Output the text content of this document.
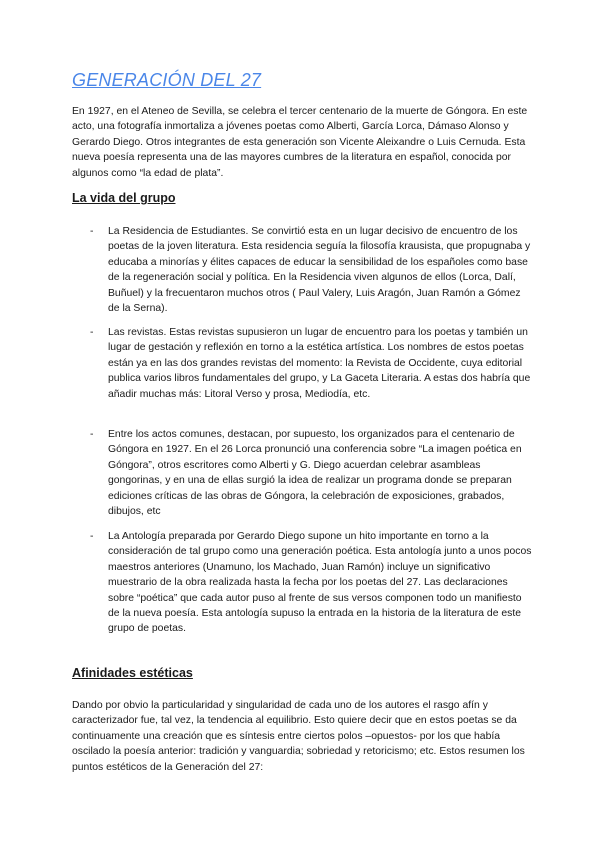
GENERACIÓN DEL 27

En 1927, en el Ateneo de Sevilla, se celebra el tercer centenario de la muerte de Góngora. En este acto, una fotografía inmortaliza a jóvenes poetas como Alberti, García Lorca, Dámaso Alonso y Gerardo Diego. Otros integrantes de esta generación son Vicente Aleixandre o Luis Cernuda. Esta nueva poesía representa una de las mayores cumbres de la literatura en español, conocida por algunos como “la edad de plata”.

La vida del grupo
- La Residencia de Estudiantes. Se convirtió esta en un lugar decisivo de encuentro de los poetas de la joven literatura. Esta residencia seguía la filosofía krausista, que propugnaba y educaba a minorías y élites capaces de educar la sensibilidad de los españoles como base de la regeneración social y política. En la Residencia viven algunos de ellos (Lorca, Dalí, Buñuel) y la frecuentaron muchos otros ( Paul Valery, Luis Aragón, Juan Ramón a Gómez de la Serna).

- Las revistas. Estas revistas supusieron un lugar de encuentro para los poetas y también un lugar de gestación y reflexión en torno a la estética artística. Los nombres de estos poetas están ya en las dos grandes revistas del momento: la Revista de Occidente, cuya editorial publica varios libros fundamentales del grupo, y La Gaceta Literaria. A estas dos habría que añadir muchas más: Litoral Verso y prosa, Mediodía, etc.

- Entre los actos comunes, destacan, por supuesto, los organizados para el centenario de Góngora en 1927. En el 26 Lorca pronunció una conferencia sobre “La imagen poética en Góngora”, otros escritores como Alberti y G. Diego acuerdan celebrar asambleas gongorinas, y en una de ellas surgió la idea de realizar un programa donde se preparan ediciones críticas de las obras de Góngora, la celebración de exposiciones, grabados, dibujos, etc

- La Antología preparada por Gerardo Diego supone un hito importante en torno a la consideración de tal grupo como una generación poética. Esta antología junto a unos pocos maestros anteriores (Unamuno, los Machado, Juan Ramón) incluye un significativo muestrario de la obra realizada hasta la fecha por los poetas del 27. Las declaraciones sobre “poética” que cada autor puso al frente de sus versos componen todo un manifiesto de la nueva poesía. Esta antología supuso la entrada en la historia de la literatura de este grupo de poetas.

Afinidades estéticas

Dando por obvio la particularidad y singularidad de cada uno de los autores el rasgo afín y caracterizador fue, tal vez, la tendencia al equilibrio. Esto quiere decir que en estos poetas se da continuamente una creación que es síntesis entre ciertos polos –opuestos- por los que había oscilado la poesía anterior: tradición y vanguardia; sobriedad y retoricismo; etc. Estos resumen los puntos estéticos de la Generación del 27:
